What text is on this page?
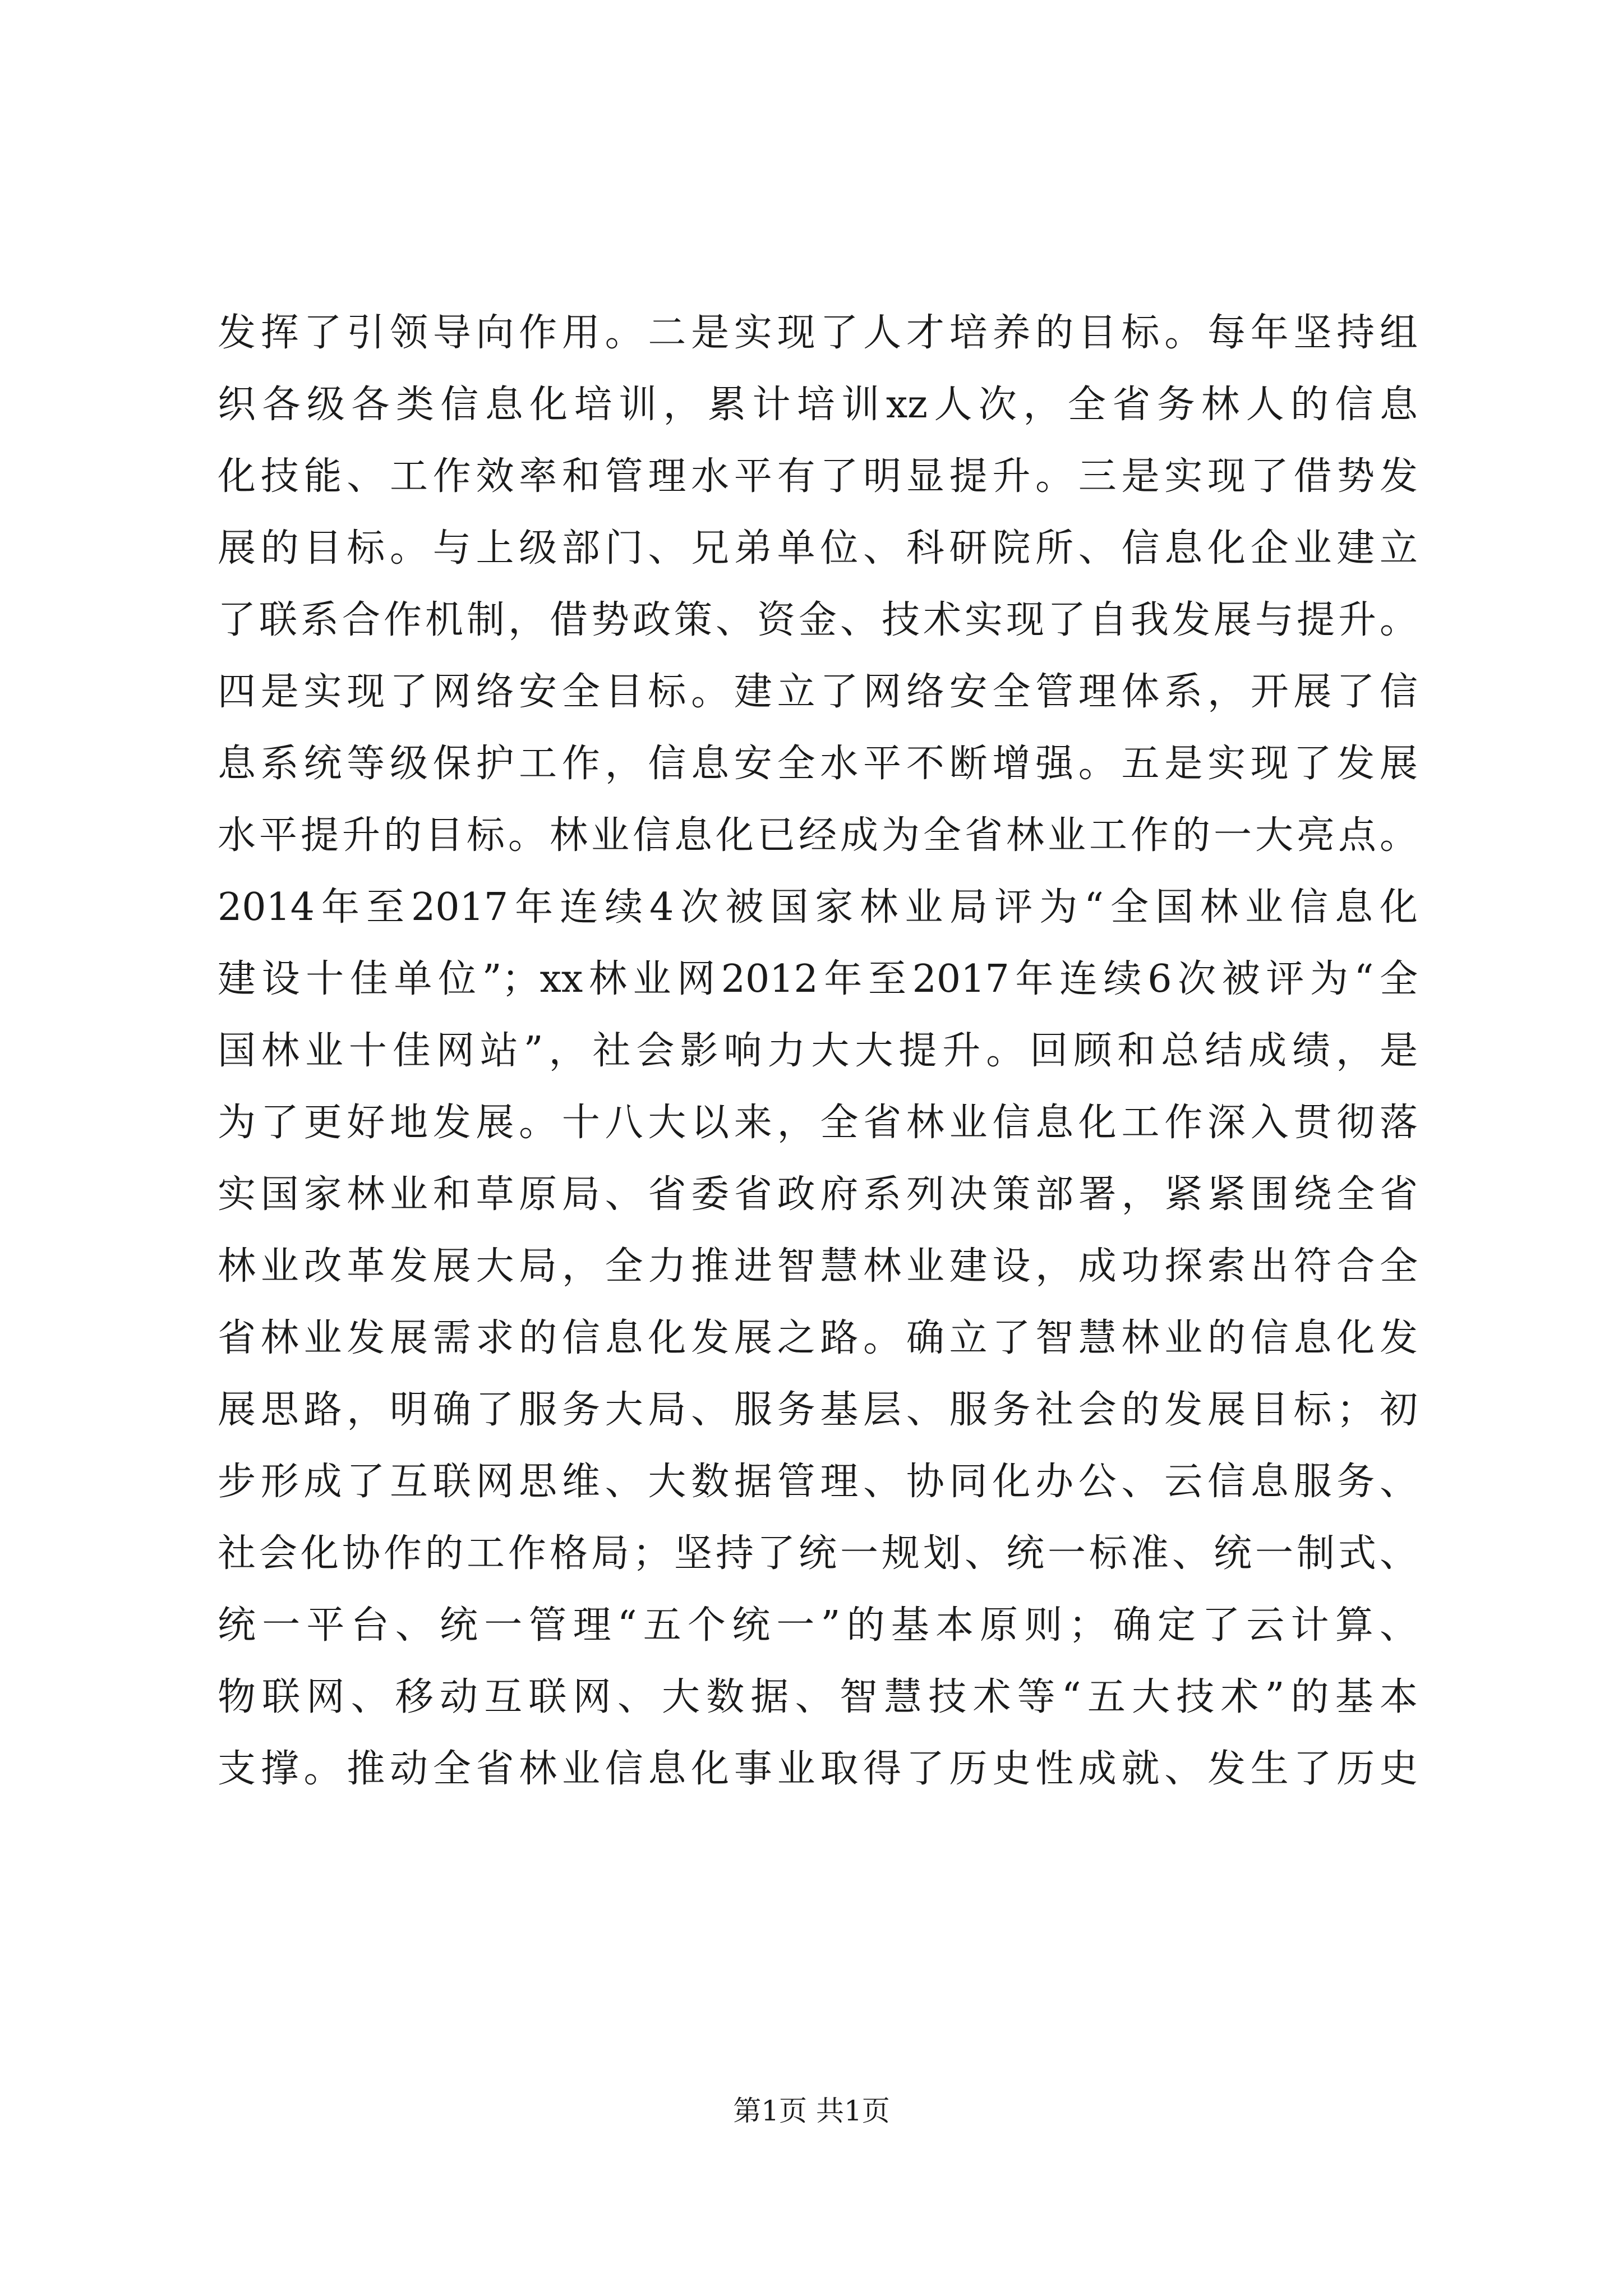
发挥了引领导向作用。二是实现了人才培养的目标。每年坚持组
织各级各类信息化培训，累计培训xz人次，全省务林人的信息
化技能、工作效率和管理水平有了明显提升。三是实现了借势发
展的目标。与上级部门、兄弟单位、科研院所、信息化企业建立
了联系合作机制，借势政策、资金、技术实现了自我发展与提升。
四是实现了网络安全目标。建立了网络安全管理体系，开展了信
息系统等级保护工作，信息安全水平不断增强。五是实现了发展
水平提升的目标。林业信息化已经成为全省林业工作的一大亮点。
2014年至2017年连续4次被国家林业局评为“全国林业信息化
建设十佳单位”；xx林业网2012年至2017年连续6次被评为“全
国林业十佳网站”，社会影响力大大提升。回顾和总结成绩，是
为了更好地发展。十八大以来，全省林业信息化工作深入贯彻落
实国家林业和草原局、省委省政府系列决策部署，紧紧围绕全省
林业改革发展大局，全力推进智慧林业建设，成功探索出符合全
省林业发展需求的信息化发展之路。确立了智慧林业的信息化发
展思路，明确了服务大局、服务基层、服务社会的发展目标；初
步形成了互联网思维、大数据管理、协同化办公、云信息服务、
社会化协作的工作格局；坚持了统一规划、统一标准、统一制式、
统一平台、统一管理“五个统一”的基本原则；确定了云计算、
物联网、移动互联网、大数据、智慧技术等“五大技术”的基本
支撑。推动全省林业信息化事业取得了历史性成就、发生了历史
第1页 共1页
